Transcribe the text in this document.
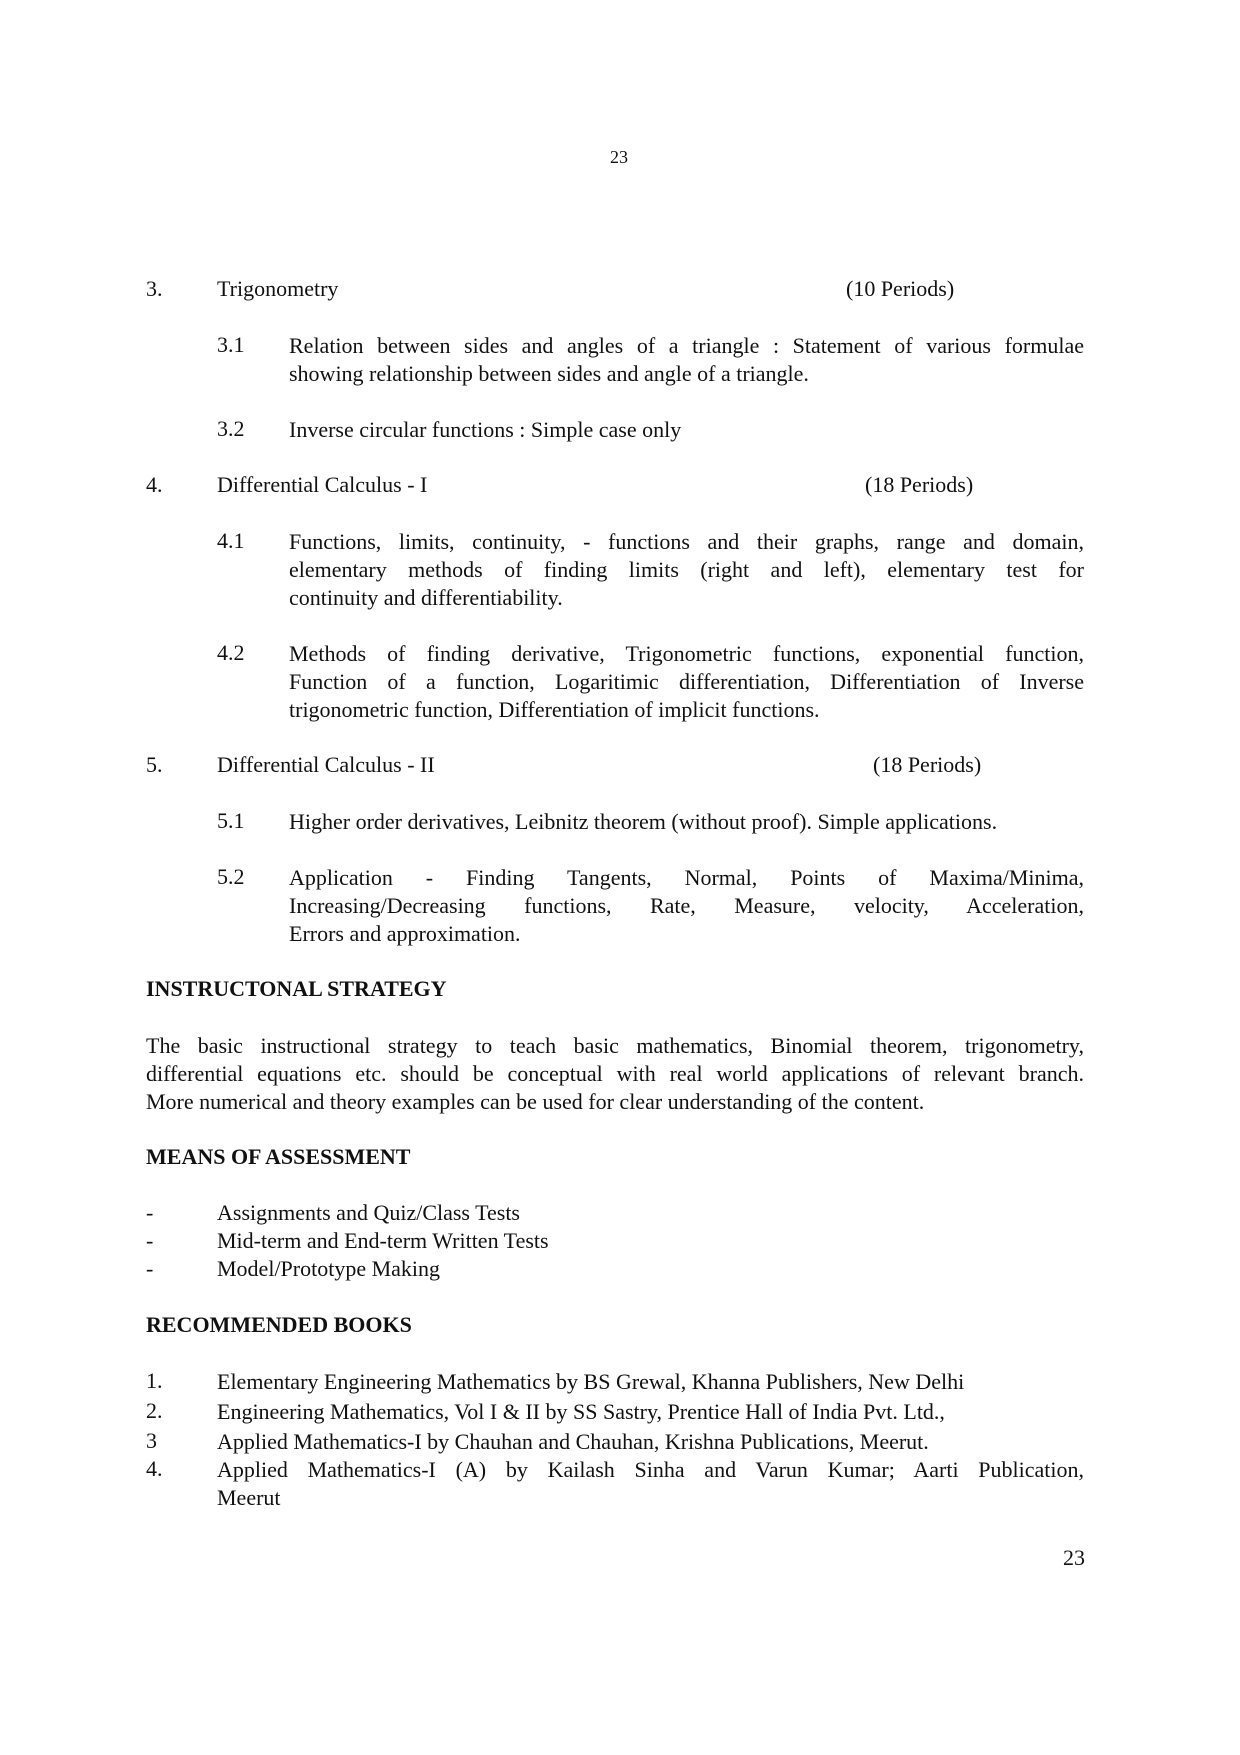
23
3. Trigonometry	(10 Periods)
3.1 Relation between sides and angles of a triangle : Statement of various formulae
showing relationship between sides and angle of a triangle.
3.2 Inverse circular functions : Simple case only
4. Differential Calculus - I	(18 Periods)
4.1 Functions, limits, continuity, - functions and their graphs, range and domain,
elementary methods of finding limits (right and left), elementary test for
continuity and differentiability.
4.2 Methods of finding derivative, Trigonometric functions, exponential function,
Function of a function, Logaritimic differentiation, Differentiation of Inverse
trigonometric function, Differentiation of implicit functions.
5. Differential Calculus - II	(18 Periods)
5.1 Higher order derivatives, Leibnitz theorem (without proof). Simple applications.
5.2 Application - Finding Tangents, Normal, Points of Maxima/Minima,
Increasing/Decreasing functions, Rate, Measure, velocity, Acceleration,
Errors and approximation.
INSTRUCTONAL STRATEGY
The basic instructional strategy to teach basic mathematics, Binomial theorem, trigonometry,
differential equations etc. should be conceptual with real world applications of relevant branch.
More numerical and theory examples can be used for clear understanding of the content.
MEANS OF ASSESSMENT
-	Assignments and Quiz/Class Tests
-	Mid-term and End-term Written Tests
-	Model/Prototype Making
RECOMMENDED BOOKS
1. Elementary Engineering Mathematics by BS Grewal, Khanna Publishers, New Delhi
2. Engineering Mathematics, Vol I & II by SS Sastry, Prentice Hall of India Pvt. Ltd.,
3	Applied Mathematics-I by Chauhan and Chauhan, Krishna Publications, Meerut.
4. Applied Mathematics-I (A) by Kailash Sinha and Varun Kumar; Aarti Publication,
Meerut
23
